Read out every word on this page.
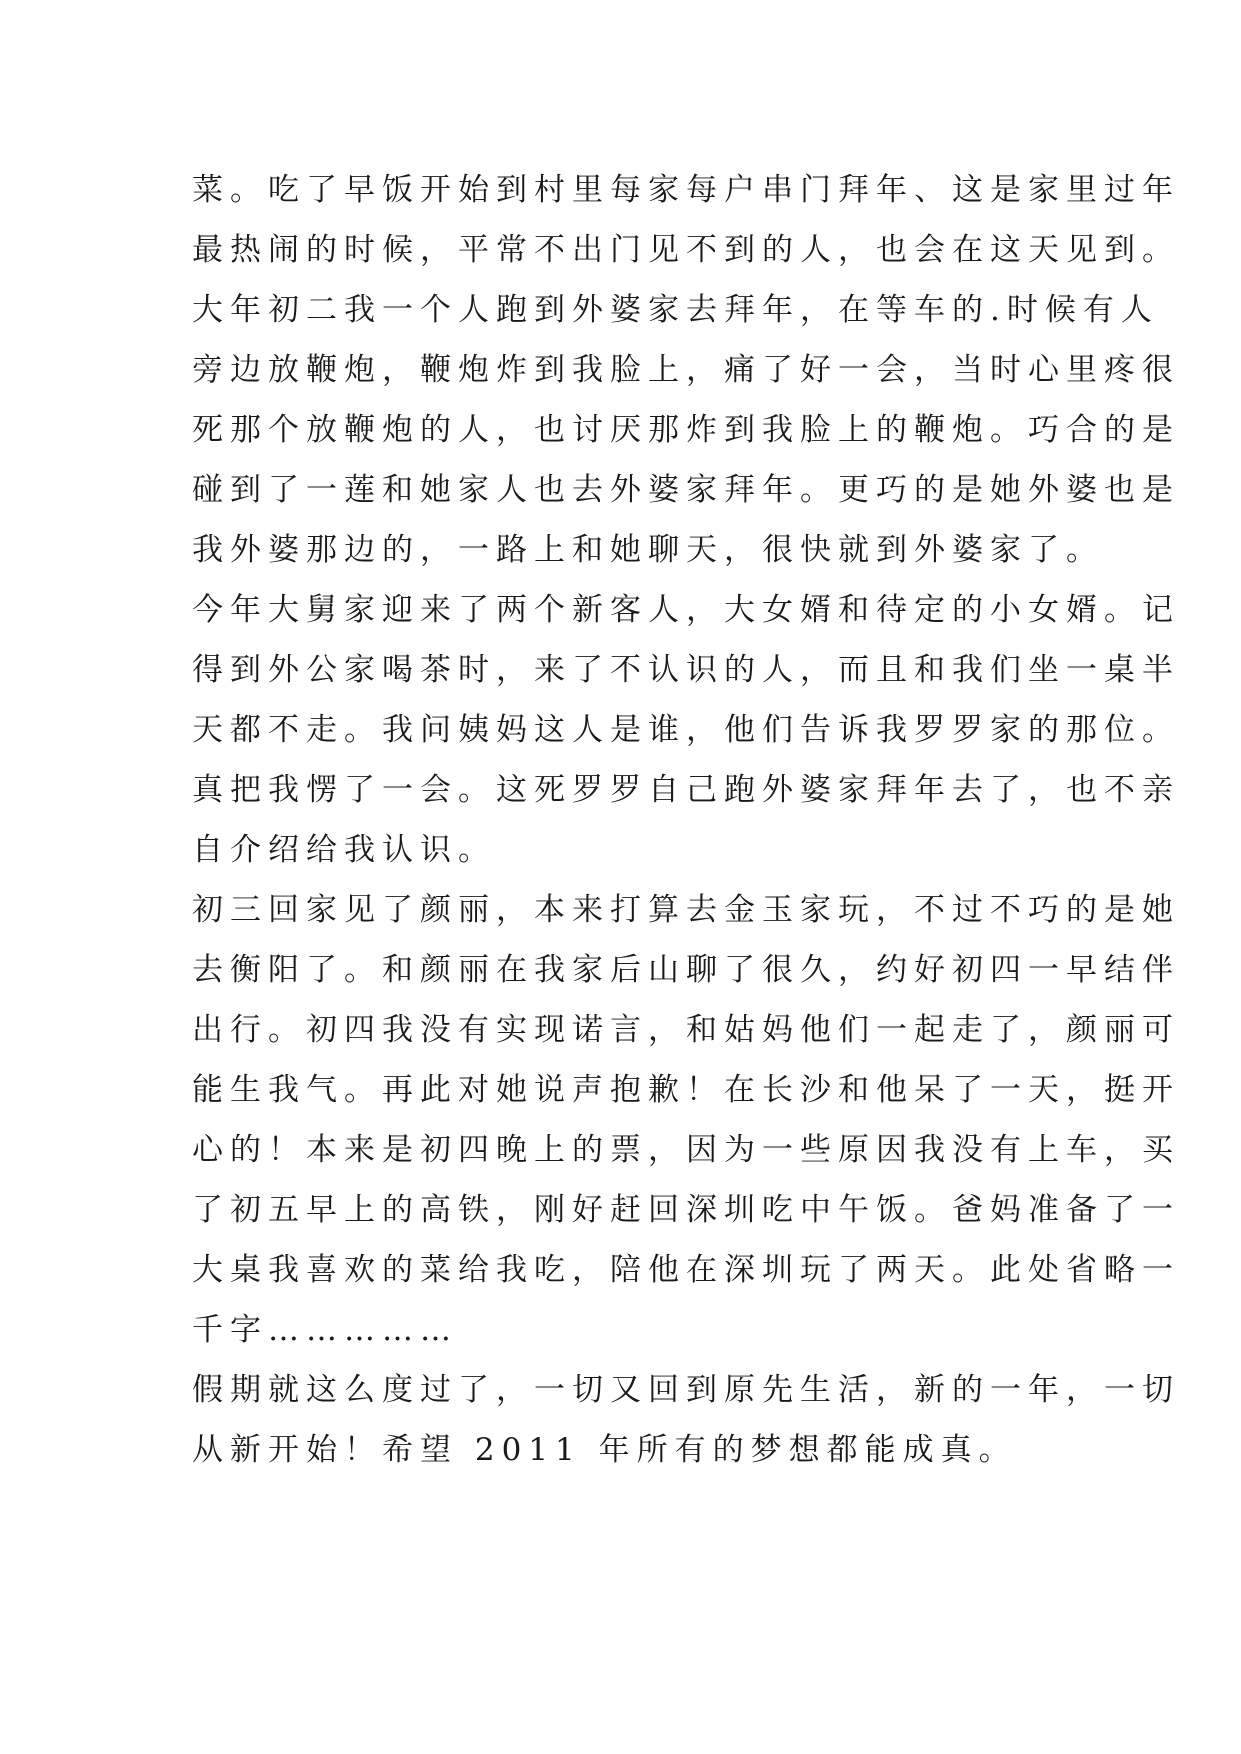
菜。吃了早饭开始到村里每家每户串门拜年、这是家里过年
最热闹的时候，平常不出门见不到的人，也会在这天见到。
大年初二我一个人跑到外婆家去拜年，在等车的.时候有人
旁边放鞭炮，鞭炮炸到我脸上，痛了好一会，当时心里疼很
死那个放鞭炮的人，也讨厌那炸到我脸上的鞭炮。巧合的是
碰到了一莲和她家人也去外婆家拜年。更巧的是她外婆也是
我外婆那边的，一路上和她聊天，很快就到外婆家了。
今年大舅家迎来了两个新客人，大女婿和待定的小女婿。记
得到外公家喝茶时，来了不认识的人，而且和我们坐一桌半
天都不走。我问姨妈这人是谁，他们告诉我罗罗家的那位。
真把我愣了一会。这死罗罗自己跑外婆家拜年去了，也不亲
自介绍给我认识。
初三回家见了颜丽，本来打算去金玉家玩，不过不巧的是她
去衡阳了。和颜丽在我家后山聊了很久，约好初四一早结伴
出行。初四我没有实现诺言，和姑妈他们一起走了，颜丽可
能生我气。再此对她说声抱歉！在长沙和他呆了一天，挺开
心的！本来是初四晚上的票，因为一些原因我没有上车，买
了初五早上的高铁，刚好赶回深圳吃中午饭。爸妈准备了一
大桌我喜欢的菜给我吃，陪他在深圳玩了两天。此处省略一
千字……………
假期就这么度过了，一切又回到原先生活，新的一年，一切
从新开始！希望 2011 年所有的梦想都能成真。
